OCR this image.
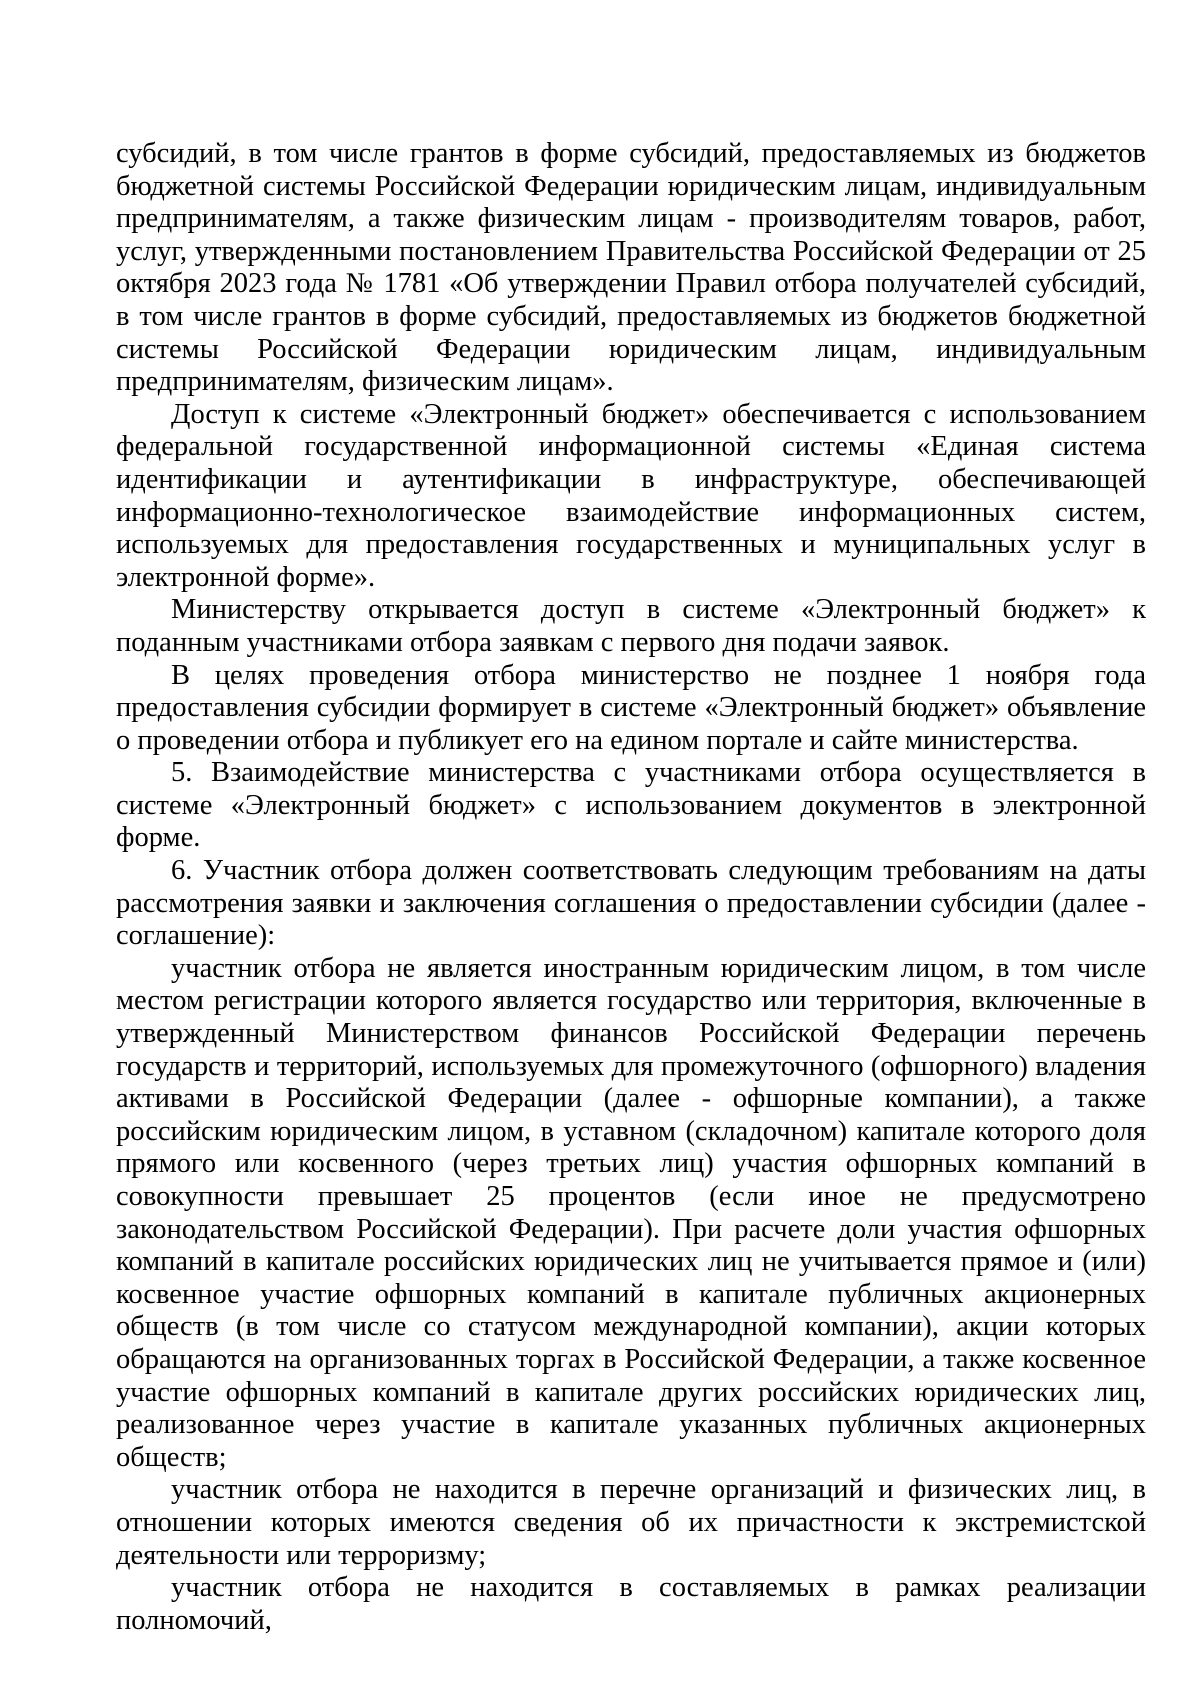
субсидий, в том числе грантов в форме субсидий, предоставляемых из бюджетов бюджетной системы Российской Федерации юридическим лицам, индивидуальным предпринимателям, а также физическим лицам - производителям товаров, работ, услуг, утвержденными постановлением Правительства Российской Федерации от 25 октября 2023 года № 1781 «Об утверждении Правил отбора получателей субсидий, в том числе грантов в форме субсидий, предоставляемых из бюджетов бюджетной системы Российской Федерации юридическим лицам, индивидуальным предпринимателям, физическим лицам».

Доступ к системе «Электронный бюджет» обеспечивается с использованием федеральной государственной информационной системы «Единая система идентификации и аутентификации в инфраструктуре, обеспечивающей информационно-технологическое взаимодействие информационных систем, используемых для предоставления государственных и муниципальных услуг в электронной форме».

Министерству открывается доступ в системе «Электронный бюджет» к поданным участниками отбора заявкам с первого дня подачи заявок.

В целях проведения отбора министерство не позднее 1 ноября года предоставления субсидии формирует в системе «Электронный бюджет» объявление о проведении отбора и публикует его на едином портале и сайте министерства.

5. Взаимодействие министерства с участниками отбора осуществляется в системе «Электронный бюджет» с использованием документов в электронной форме.

6. Участник отбора должен соответствовать следующим требованиям на даты рассмотрения заявки и заключения соглашения о предоставлении субсидии (далее - соглашение):

участник отбора не является иностранным юридическим лицом, в том числе местом регистрации которого является государство или территория, включенные в утвержденный Министерством финансов Российской Федерации перечень государств и территорий, используемых для промежуточного (офшорного) владения активами в Российской Федерации (далее - офшорные компании), а также российским юридическим лицом, в уставном (складочном) капитале которого доля прямого или косвенного (через третьих лиц) участия офшорных компаний в совокупности превышает 25 процентов (если иное не предусмотрено законодательством Российской Федерации). При расчете доли участия офшорных компаний в капитале российских юридических лиц не учитывается прямое и (или) косвенное участие офшорных компаний в капитале публичных акционерных обществ (в том числе со статусом международной компании), акции которых обращаются на организованных торгах в Российской Федерации, а также косвенное участие офшорных компаний в капитале других российских юридических лиц, реализованное через участие в капитале указанных публичных акционерных обществ;

участник отбора не находится в перечне организаций и физических лиц, в отношении которых имеются сведения об их причастности к экстремистской деятельности или терроризму;

участник отбора не находится в составляемых в рамках реализации полномочий,
